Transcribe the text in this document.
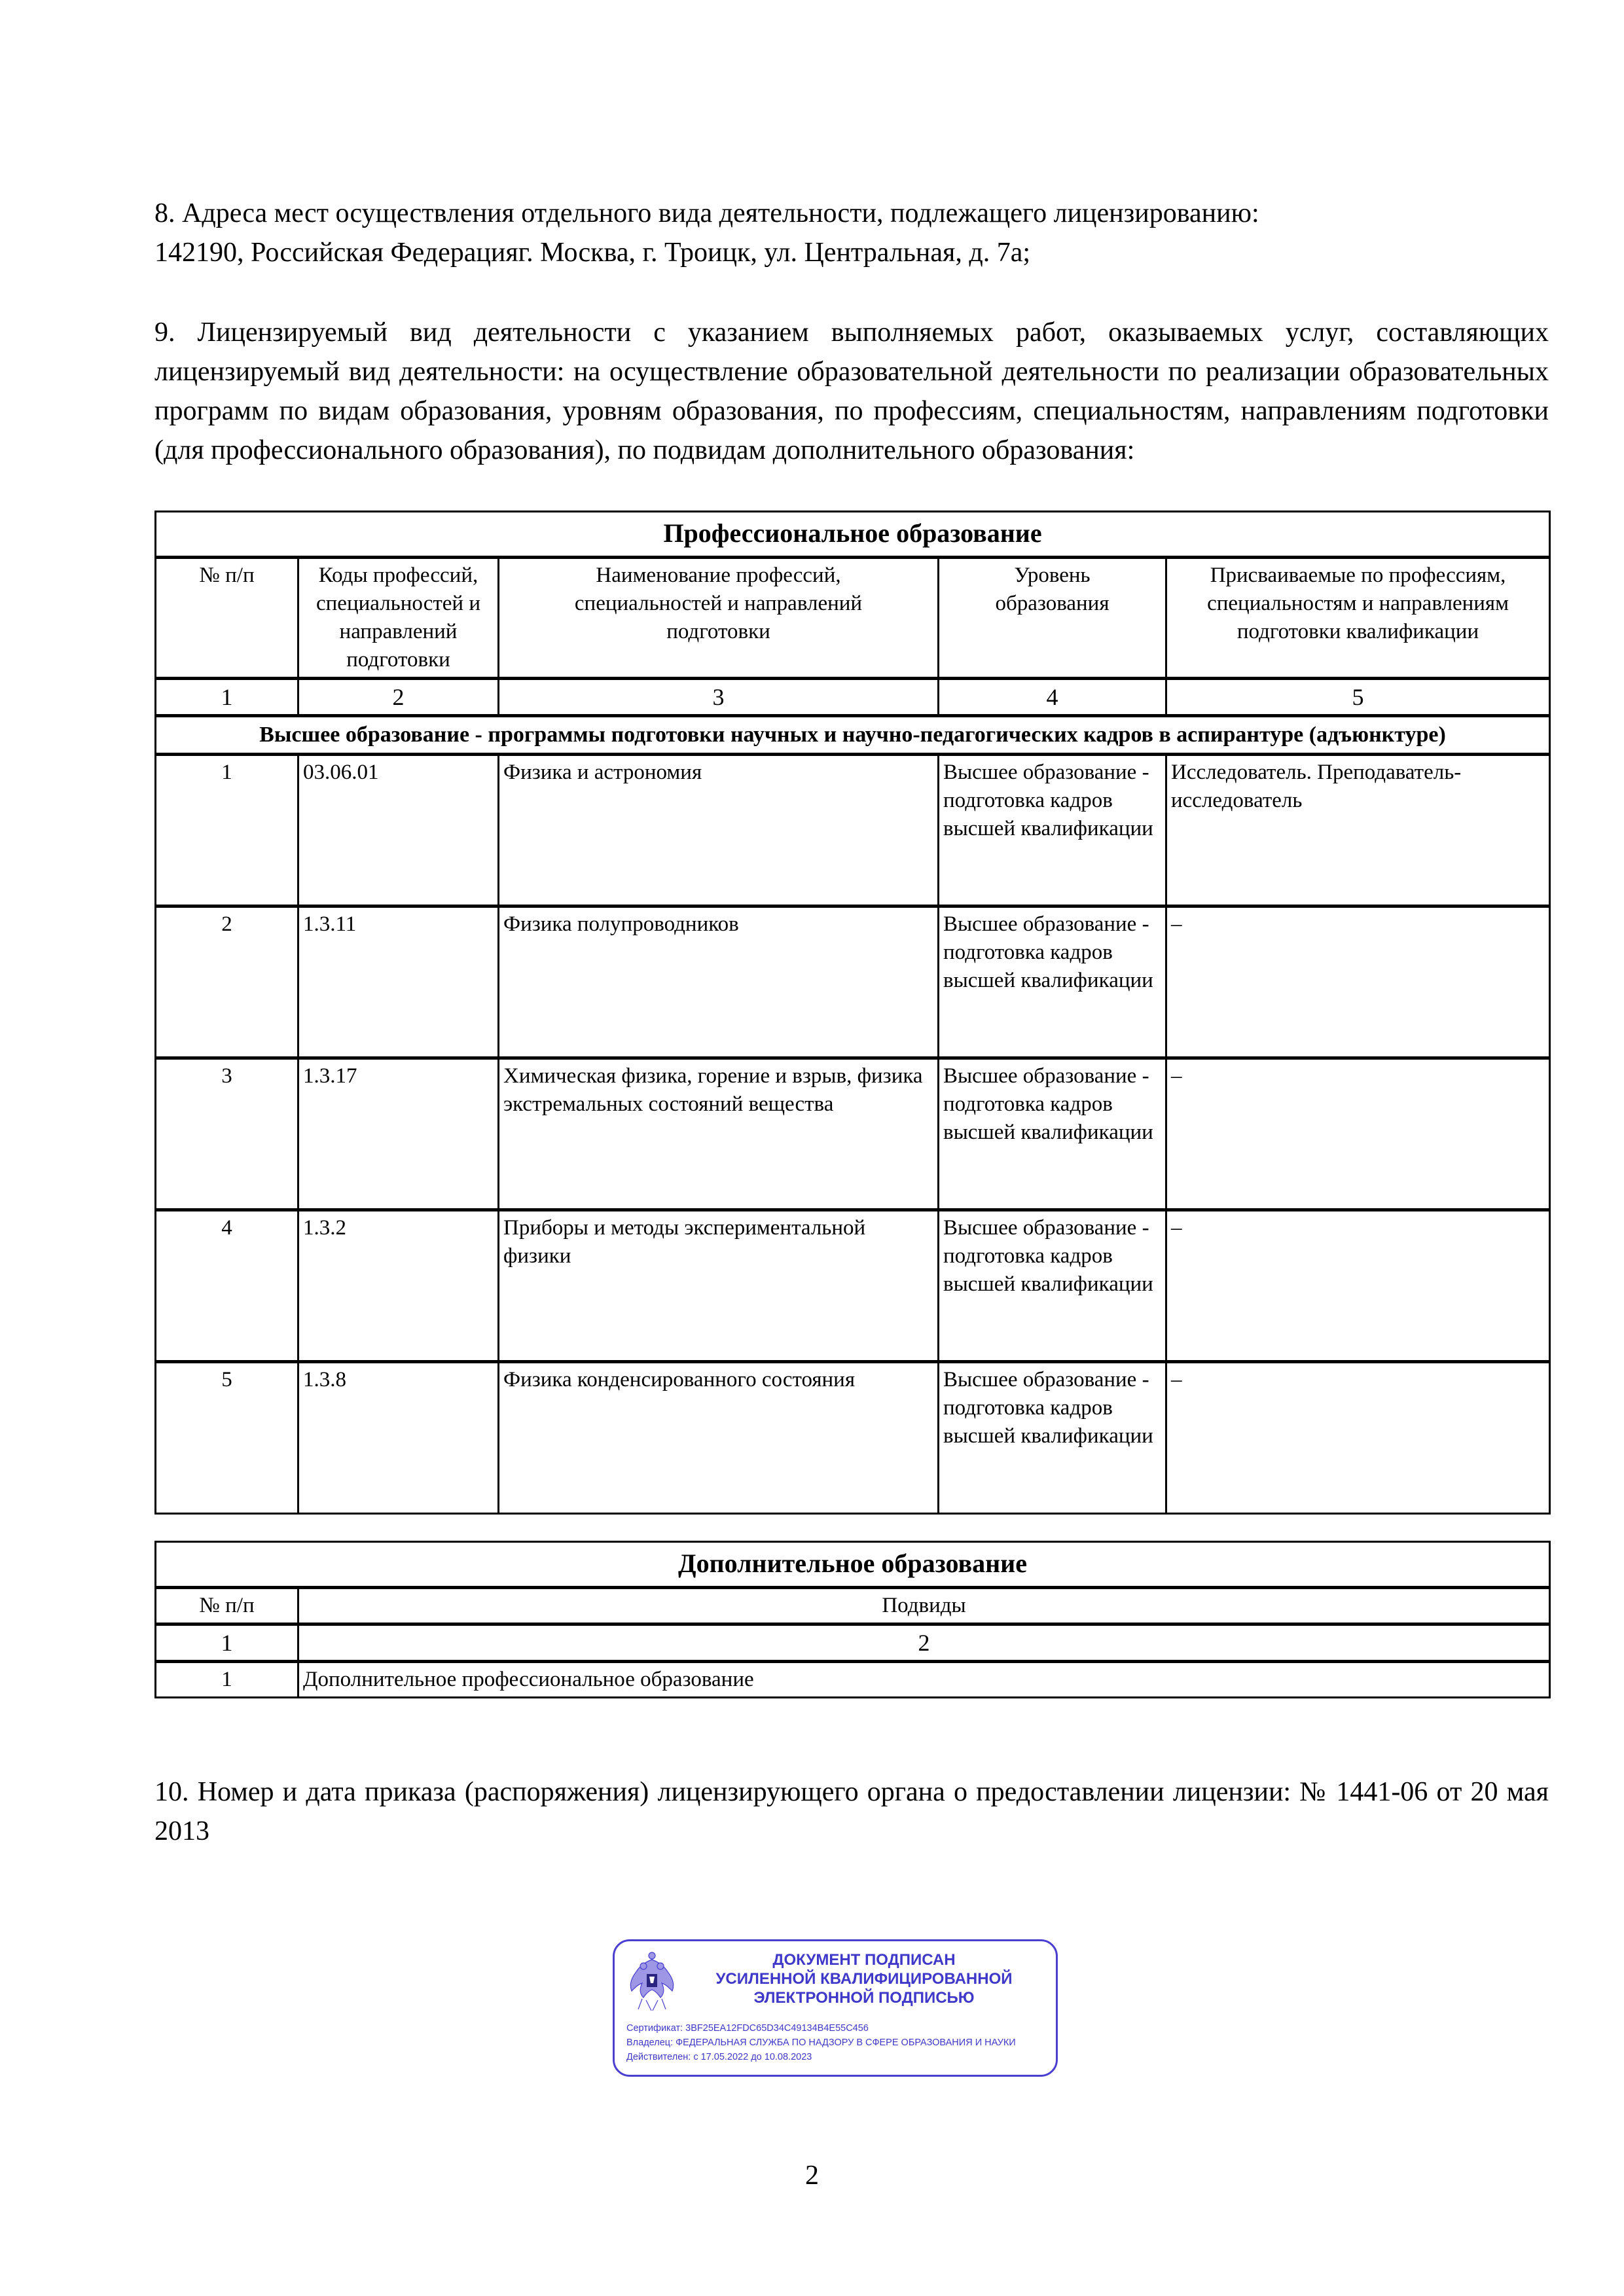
8. Адреса мест осуществления отдельного вида деятельности, подлежащего лицензированию:

142190, Российская Федерацияг. Москва, г. Троицк, ул. Центральная, д. 7а;

9. Лицензируемый вид деятельности с указанием выполняемых работ, оказываемых услуг, составляющих лицензируемый вид деятельности: на осуществление образовательной деятельности по реализации образовательных программ по видам образования, уровням образования, по профессиям, специальностям, направлениям подготовки (для профессионального образования), по подвидам дополнительного образования:

Профессиональное образование				
№ п/п	Коды профессий, специальностей и направлений подготовки	Наименование профессий, специальностей и направлений подготовки	Уровень образования	Присваиваемые по профессиям, специальностям и направлениям подготовки квалификации
1	2	3	4	5
Высшее образование - программы подготовки научных и научно-педагогических кадров в аспирантуре (адъюнктуре)				
1	03.06.01	Физика и астрономия	Высшее образование - подготовка кадров высшей квалификации	Исследователь. Преподаватель-исследователь
2	1.3.11	Физика полупроводников	Высшее образование - подготовка кадров высшей квалификации	–
3	1.3.17	Химическая физика, горение и взрыв, физика экстремальных состояний вещества	Высшее образование - подготовка кадров высшей квалификации	–
4	1.3.2	Приборы и методы экспериментальной физики	Высшее образование - подготовка кадров высшей квалификации	–
5	1.3.8	Физика конденсированного состояния	Высшее образование - подготовка кадров высшей квалификации	–
Дополнительное образование	
№ п/п	Подвиды
1	2
1	Дополнительное профессиональное образование

10. Номер и дата приказа (распоряжения) лицензирующего органа о предоставлении лицензии: № 1441-06 от 20 мая 2013

ДОКУМЕНТ ПОДПИСАН
УСИЛЕННОЙ КВАЛИФИЦИРОВАННОЙ
ЭЛЕКТРОННОЙ ПОДПИСЬЮ
Сертификат: 3BF25EA12FDC65D34C49134B4E55C456
Владелец: ФЕДЕРАЛЬНАЯ СЛУЖБА ПО НАДЗОРУ В СФЕРЕ ОБРАЗОВАНИЯ И НАУКИ
Действителен: с 17.05.2022 до 10.08.2023
2
